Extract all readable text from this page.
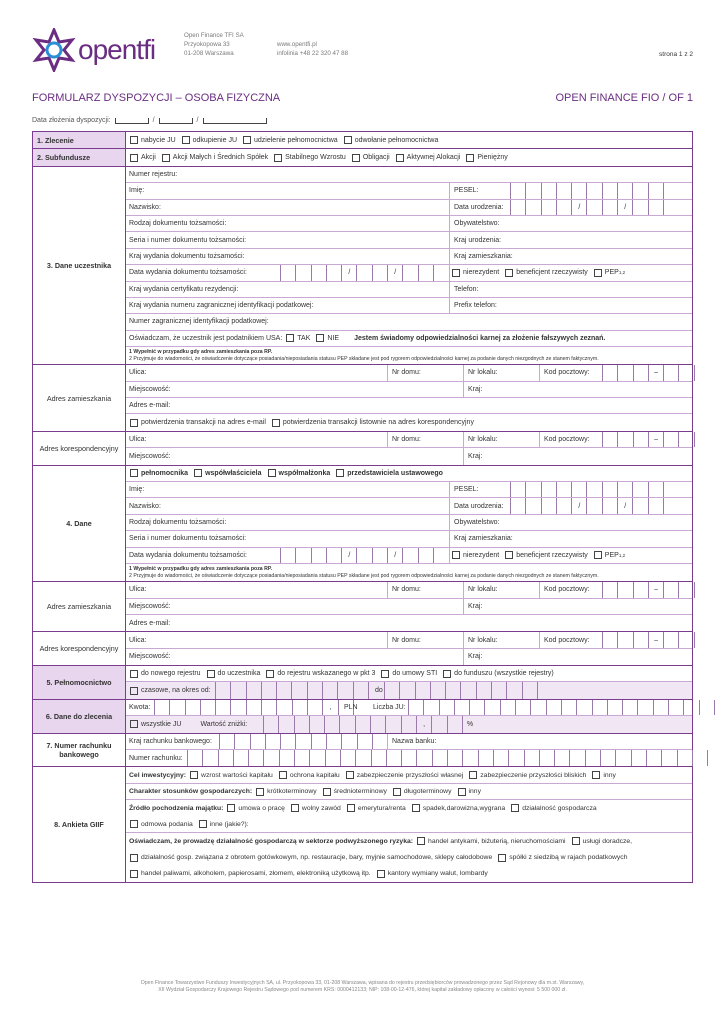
opentfi	Open Finance TFI SA
Przyokopowa 33
01-208 Warszawa
www.opentfi.pl
infolinia +48 22 320 47 88	strona 1 z 2
FORMULARZ DYSPOZYCJI – OSOBA FIZYCZNA	OPEN FINANCE FIO / OF 1
Data złożenia dyspozycji:	/	/
1. Zlecenie	nabycie JU odkupienie JU udzielenie pełnomocnictwa odwołanie pełnomocnictwa
2. Subfundusze	Akcji Akcji Małych i Średnich Spółek Stabilnego Wzrostu Obligacji Aktywnej Alokacji Pieniężny
3. Dane uczestnika
Numer rejestru:
Imię:	PESEL:
Nazwisko:	Data urodzenia:	/	/
Rodzaj dokumentu tożsamości:	Obywatelstwo:
Seria i numer dokumentu tożsamości:	Kraj urodzenia:
Kraj wydania dokumentu tożsamości:	Kraj zamieszkania:
Data wydania dokumentu tożsamości:	/	/	nierezydent beneficjent rzeczywisty PEP 1,2
Kraj wydania certyfikatu rezydencji:	Telefon:
Kraj wydania numeru zagranicznej identyfikacji podatkowej:	Prefix telefon:
Numer zagranicznej identyfikacji podatkowej:
Oświadczam, że uczestnik jest podatnikiem USA: TAK NIE	Jestem świadomy odpowiedzialności karnej za złożenie fałszywych zeznań.
1 Wypełnić w przypadku gdy adres zamieszkania poza RP.
2 Przyjmuje do wiadomości, że oświadczenie dotyczące posiadania/nieposiadania statusu PEP składane jest pod rygorem odpowiedzialności karnej za podanie danych niezgodnych ze stanem faktycznym.
Adres zamieszkania
Ulica:	Nr domu:	Nr lokalu:	Kod pocztowy:	–
Miejscowość:	Kraj:
Adres e-mail:
potwierdzenia transakcji na adres e-mail potwierdzenia transakcji listownie na adres korespondencyjny
Adres korespondencyjny
Ulica:	Nr domu:	Nr lokalu:	Kod pocztowy:	–
Miejscowość:	Kraj:
4. Dane
pełnomocnika współwłaściciela współmałżonka przedstawiciela ustawowego
Imię:	PESEL:
Nazwisko:	Data urodzenia:	/	/
Rodzaj dokumentu tożsamości:	Obywatelstwo:
Seria i numer dokumentu tożsamości:	Kraj zamieszkania:
Data wydania dokumentu tożsamości:	/	/	nierezydent beneficjent rzeczywisty PEP 1,2
1 Wypełnić w przypadku gdy adres zamieszkania poza RP.
2 Przyjmuje do wiadomości, że oświadczenie dotyczące posiadania/nieposiadania statusu PEP składane jest pod rygorem odpowiedzialności karnej za podanie danych niezgodnych ze stanem faktycznym.
Adres zamieszkania
Ulica:	Nr domu:	Nr lokalu:	Kod pocztowy:	–
Miejscowość:	Kraj:
Adres e-mail:
Adres korespondencyjny
Ulica:	Nr domu:	Nr lokalu:	Kod pocztowy:	–
Miejscowość:	Kraj:
5. Pełnomocnictwo
do nowego rejestru do uczestnika do rejestru wskazanego w pkt 3 do umowy STI do funduszu (wszystkie rejestry)
czasowe, na okres od:	do
6. Dane do zlecenia
Kwota:	,	PLN	Liczba JU:
wszystkie JU	Wartość zniżki:	,	%
7. Numer rachunku bankowego
Kraj rachunku bankowego:	Nazwa banku:
Numer rachunku:
8. Ankieta GIIF
Cel inwestycyjny: wzrost wartości kapitału	ochrona kapitału	zabezpieczenie przyszłości własnej	zabezpieczenie przyszłości bliskich	inny
Charakter stosunków gospodarczych: krótkoterminowy	średnioterminowy	długoterminowy	inny
Źródło pochodzenia majątku: umowa o pracę	wolny zawód	emerytura/renta	spadek,darowizna,wygrana	działalność gospodarcza
odmowa podania	inne (jakie?):
Oświadczam, że prowadzę działalność gospodarczą w sektorze podwyższonego ryzyka: handel antykami, biżuterią, nieruchomościami	usługi doradcze,
działalność gosp. związana z obrotem gotówkowym, np. restauracje, bary, myjnie samochodowe, sklepy całodobowe	spółki z siedzibą w rajach podatkowych
handel paliwami, alkoholem, papierosami, złomem, elektroniką użytkową itp.	kantory wymiany walut, lombardy
Open Finance Towarzystwo Funduszy Inwestycyjnych SA, ul. Przyokopowa 33, 01-208 Warszawa, wpisana do rejestru przedsiębiorców prowadzonego przez Sąd Rejonowy dla m.st. Warszawy,
XII Wydział Gospodarczy Krajowego Rejestru Sądowego pod numerem KRS: 0000412133; NIP: 108-00-12-476, której kapitał zakładowy opłacony w całości wynosi: 5 500 000 zł.
